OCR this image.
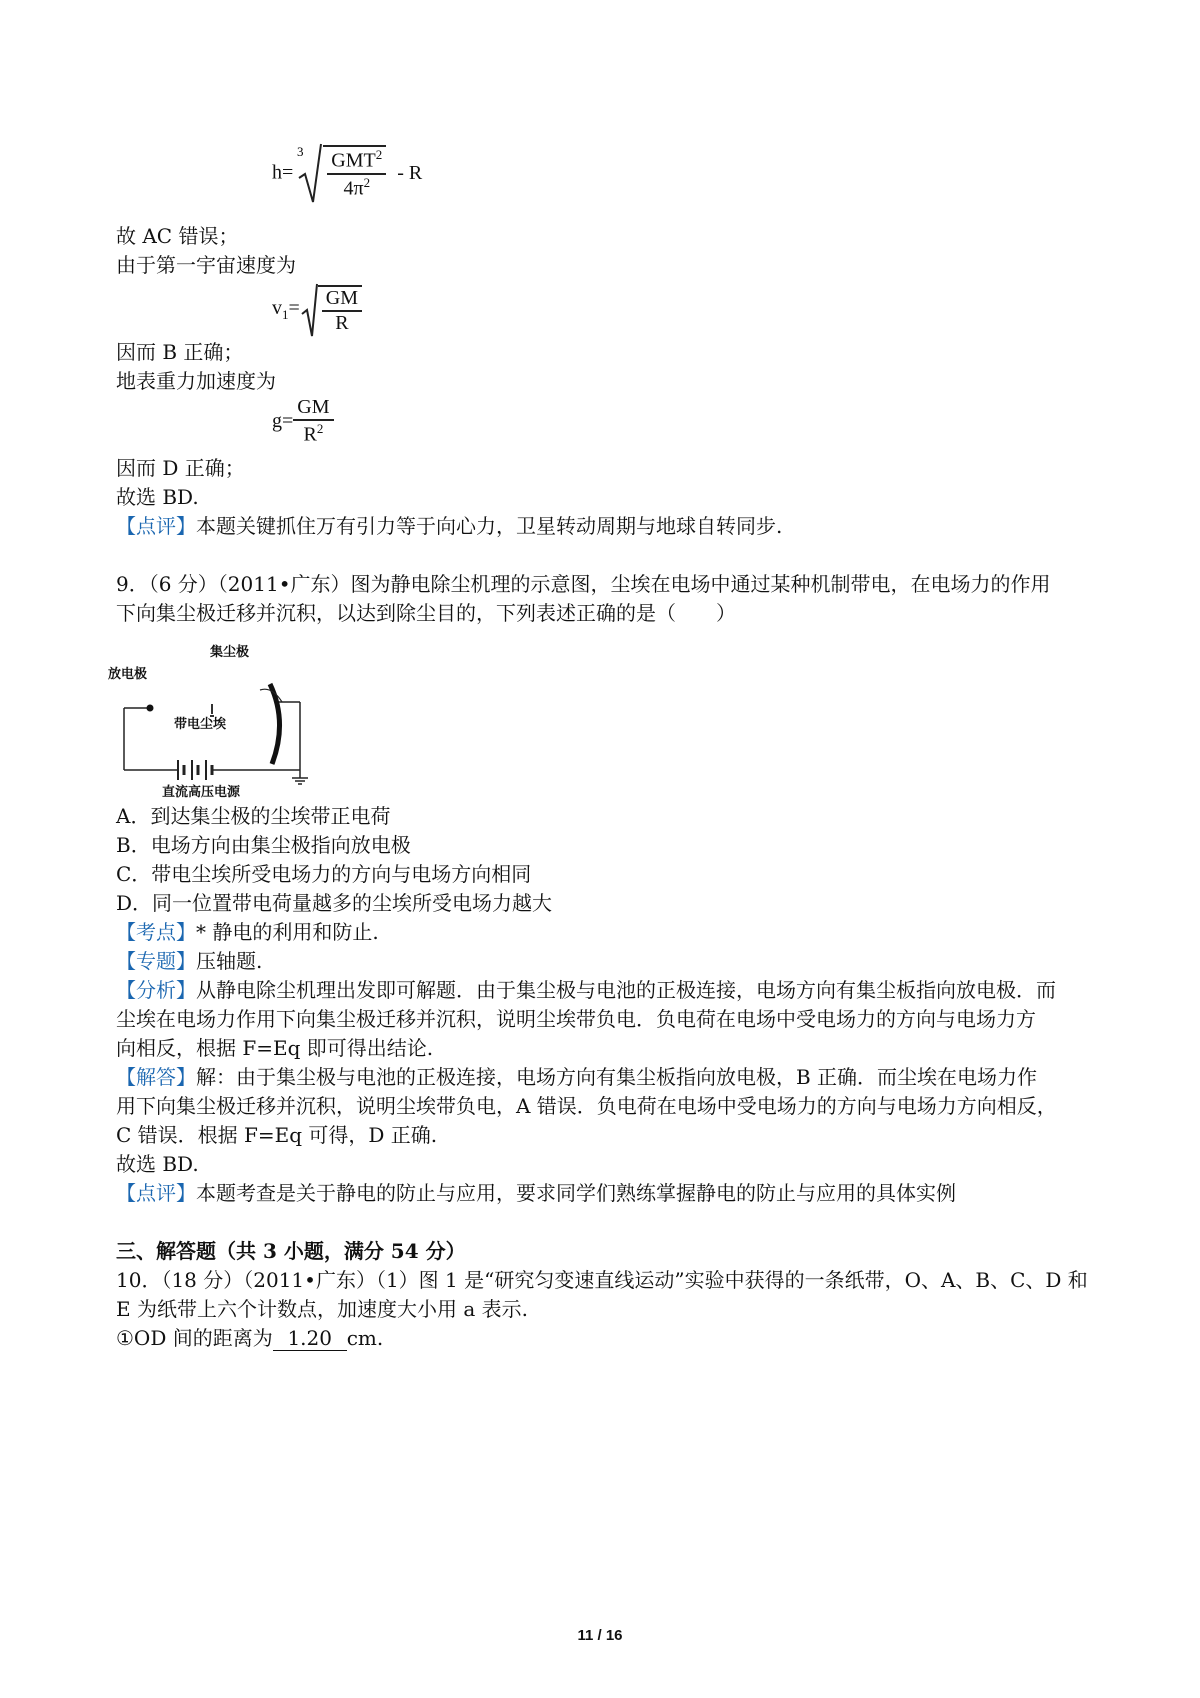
h=
$3 \frac{GMT^2}{4\pi^2}$ - R
故 AC 错误；
由于第一宇宙速度为
$v_1= \frac{GM}{R}$
因而 B 正确；
地表重力加速度为
$g= \frac{GM}{R^2}$
因而 D 正确；
故选 BD.
【点评】本题关键抓住万有引力等于向心力，卫星转动周期与地球自转同步.
9．（6 分）（2011•广东）图为静电除尘机理的示意图，尘埃在电场中通过某种机制带电，在电场力的作用
下向集尘极迁移并沉积，以达到除尘目的，下列表述正确的是（　　）
放电极
集尘极
带电尘埃
直流高压电源
A．到达集尘极的尘埃带正电荷
B．电场方向由集尘极指向放电极
C．带电尘埃所受电场力的方向与电场方向相同
D．同一位置带电荷量越多的尘埃所受电场力越大
【考点】* 静电的利用和防止.
【专题】压轴题.
【分析】从静电除尘机理出发即可解题．由于集尘极与电池的正极连接，电场方向有集尘板指向放电极．而
尘埃在电场力作用下向集尘极迁移并沉积，说明尘埃带负电．负电荷在电场中受电场力的方向与电场力方
向相反，根据 F=Eq 即可得出结论.
【解答】解：由于集尘极与电池的正极连接，电场方向有集尘板指向放电极，B 正确．而尘埃在电场力作
用下向集尘极迁移并沉积，说明尘埃带负电，A 错误．负电荷在电场中受电场力的方向与电场力方向相反，
C 错误．根据 F=Eq 可得，D 正确.
故选 BD.
【点评】本题考查是关于静电的防止与应用，要求同学们熟练掌握静电的防止与应用的具体实例
三、解答题（共 3 小题，满分 54 分）
10．（18 分）（2011•广东）（1）图 1 是“研究匀变速直线运动”实验中获得的一条纸带，O、A、B、C、D 和
E 为纸带上六个计数点，加速度大小用 a 表示.
①OD 间的距离为 1.20 cm.
11 / 16
